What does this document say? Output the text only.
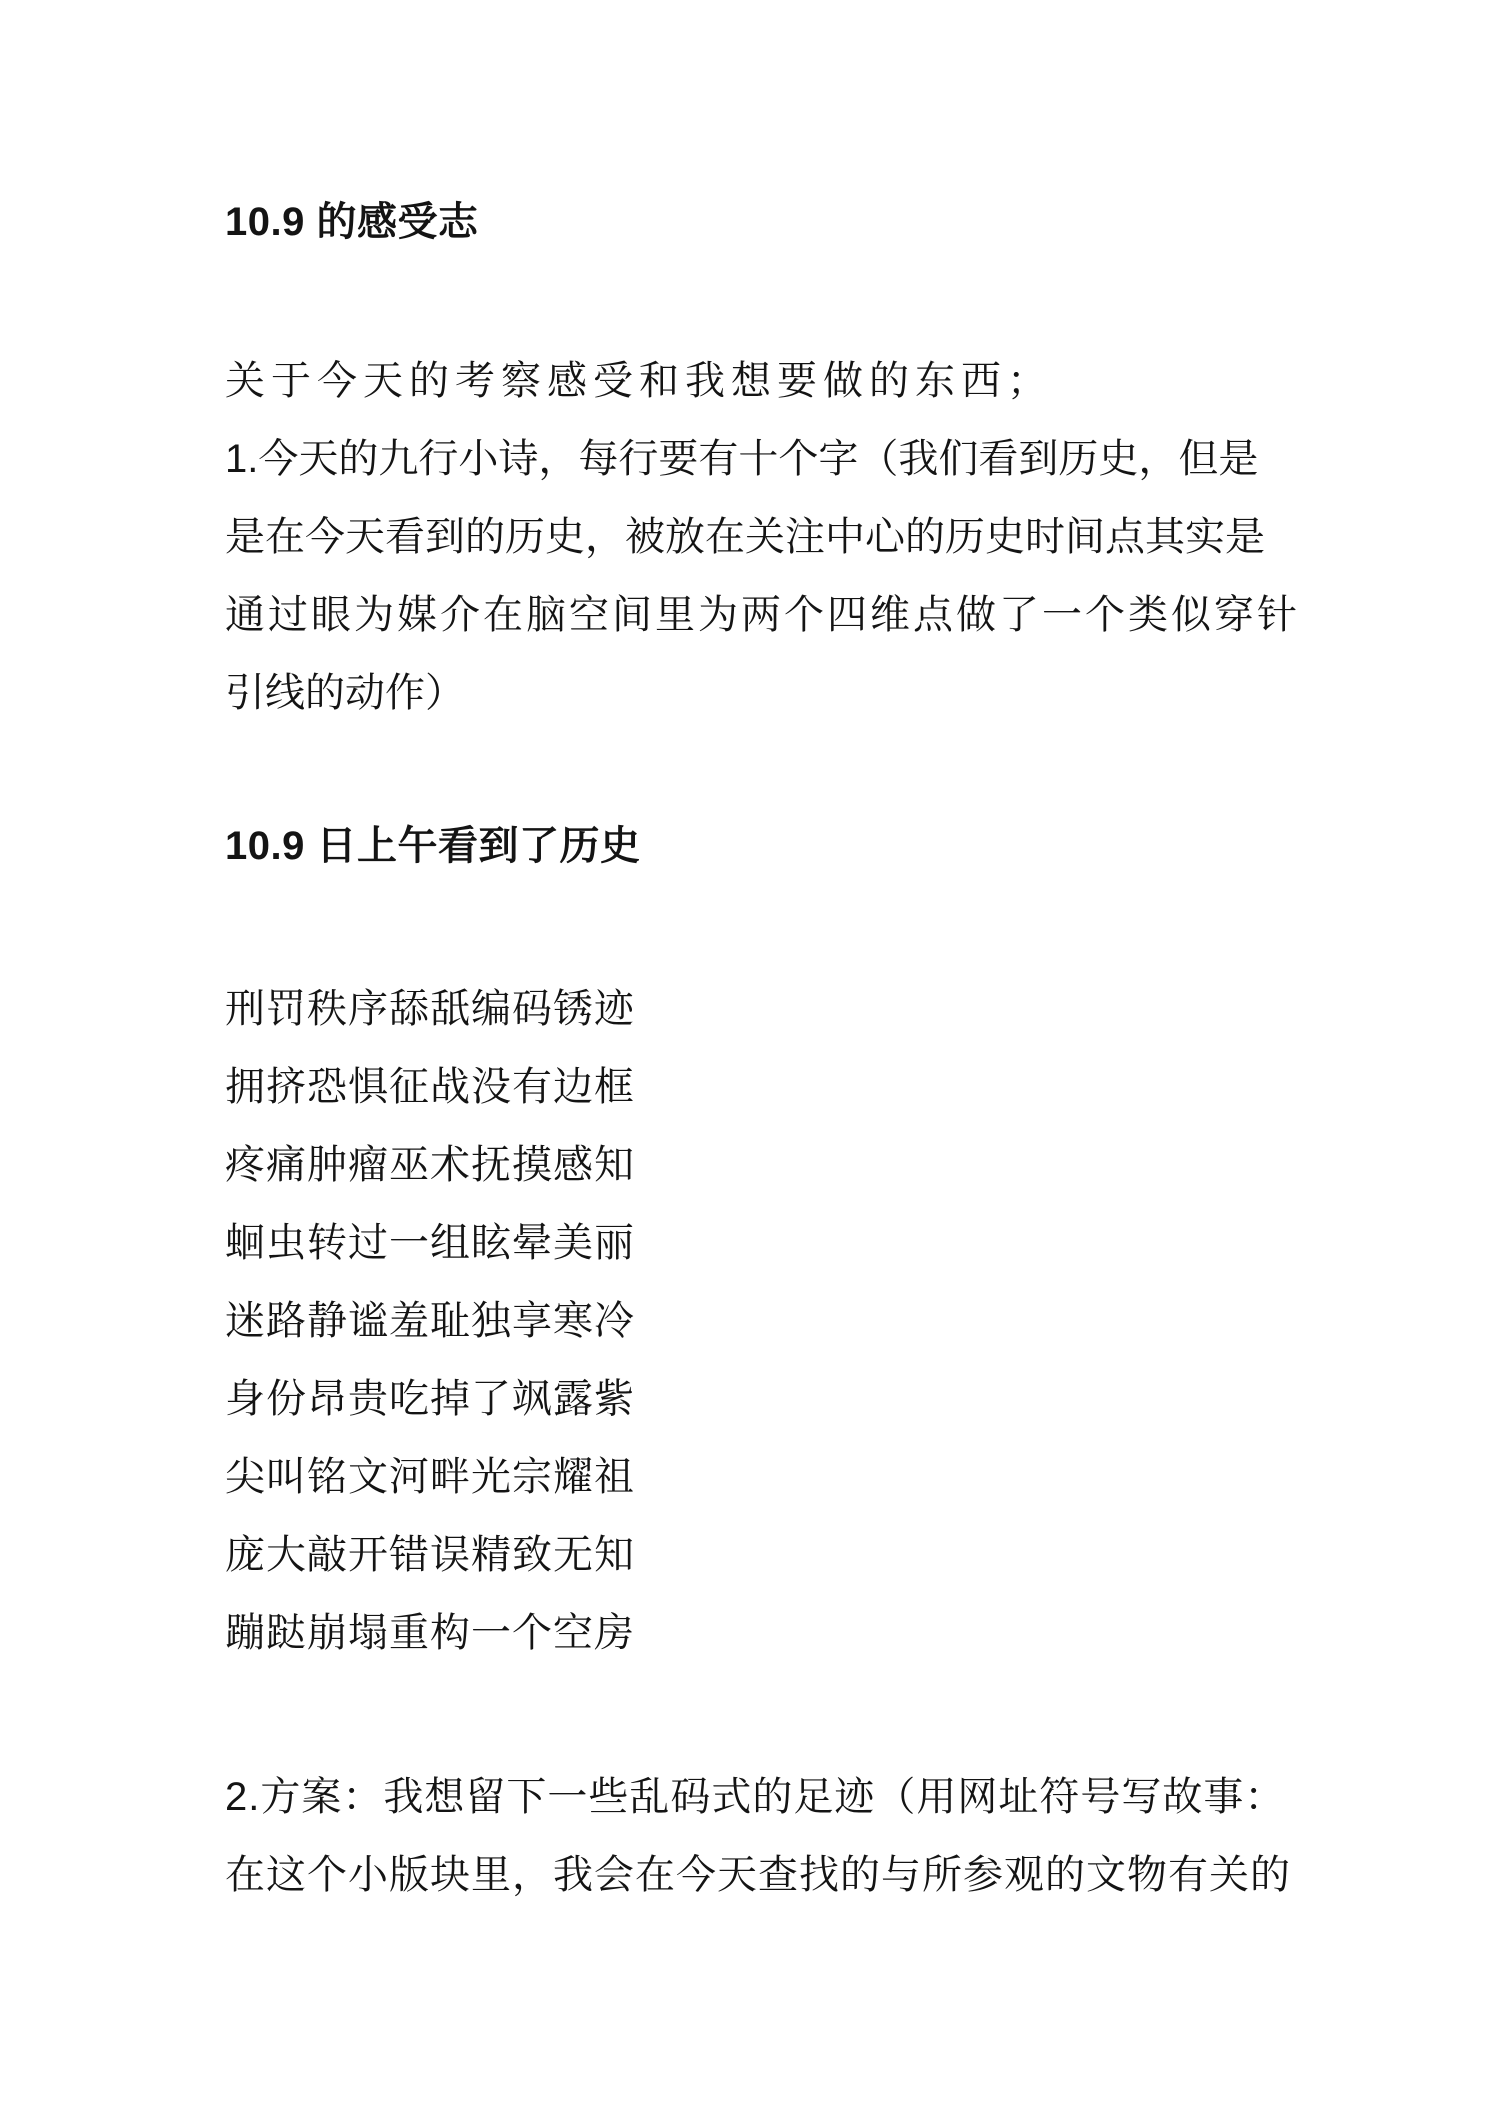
10.9 的感受志
关于今天的考察感受和我想要做的东西；
1.今天的九行小诗，每行要有十个字（我们看到历史，但是
是在今天看到的历史，被放在关注中心的历史时间点其实是
通过眼为媒介在脑空间里为两个四维点做了一个类似穿针
引线的动作）
10.9 日上午看到了历史
刑罚秩序舔舐编码锈迹
拥挤恐惧征战没有边框
疼痛肿瘤巫术抚摸感知
蛔虫转过一组眩晕美丽
迷路静谧羞耻独享寒冷
身份昂贵吃掉了飒露紫
尖叫铭文河畔光宗耀祖
庞大敲开错误精致无知
蹦跶崩塌重构一个空房
2.方案：我想留下一些乱码式的足迹（用网址符号写故事：
在这个小版块里，我会在今天查找的与所参观的文物有关的
